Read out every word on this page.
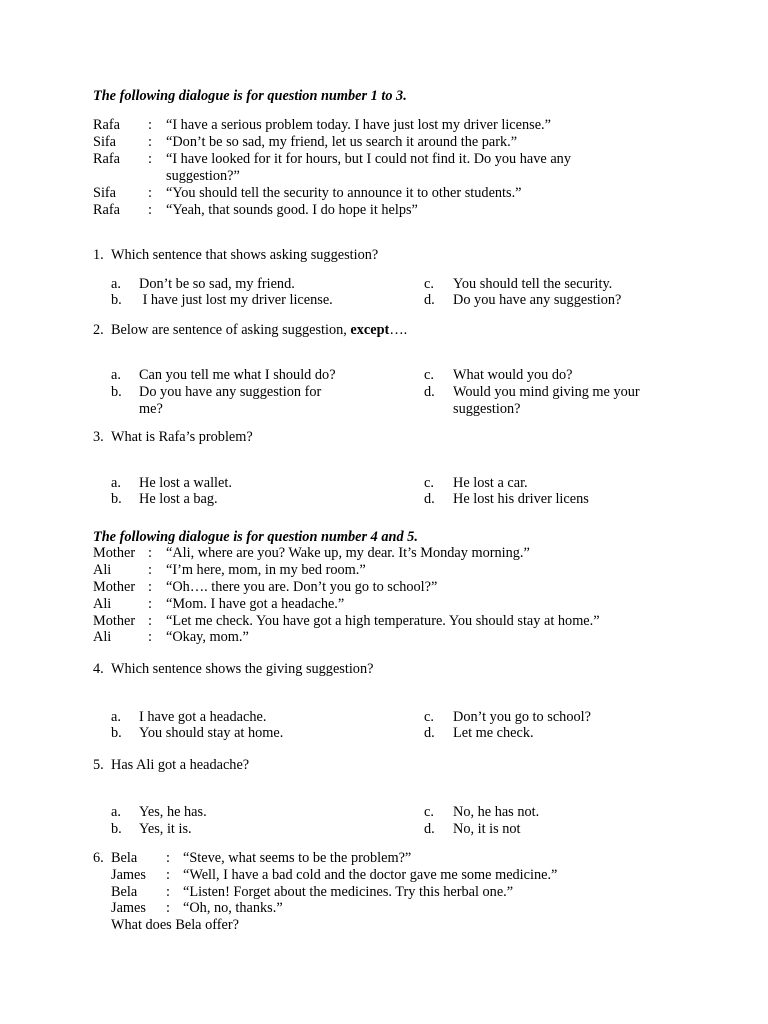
The following dialogue is for question number 1 to 3.
Rafa : “I have a serious problem today. I have just lost my driver license.”
Sifa : “Don’t be so sad, my friend, let us search it around the park.”
Rafa : “I have looked for it for hours, but I could not find it. Do you have any
suggestion?”
Sifa : “You should tell the security to announce it to other students.”
Rafa : “Yeah, that sounds good. I do hope it helps”
1. Which sentence that shows asking suggestion?
a. Don’t be so sad, my friend.
b. I have just lost my driver license.
c. You should tell the security.
d. Do you have any suggestion?
2. Below are sentence of asking suggestion, except….
a. Can you tell me what I should do?
b. Do you have any suggestion for
me?
c. What would you do?
d. Would you mind giving me your
suggestion?
3. What is Rafa’s problem?
a. He lost a wallet.
b. He lost a bag.
c. He lost a car.
d. He lost his driver licens
The following dialogue is for question number 4 and 5.
Mother : “Ali, where are you? Wake up, my dear. It’s Monday morning.”
Ali	: “I’m here, mom, in my bed room.”
Mother : “Oh…. there you are. Don’t you go to school?”
Ali	: “Mom. I have got a headache.”
Mother : “Let me check. You have got a high temperature. You should stay at home.”
Ali	: “Okay, mom.”
4. Which sentence shows the giving suggestion?
a. I have got a headache.
b. You should stay at home.
c. Don’t you go to school?
d. Let me check.
5. Has Ali got a headache?
a. Yes, he has.
b. Yes, it is.
c. No, he has not.
d. No, it is not
6. Bela : “Steve, what seems to be the problem?”
James : “Well, I have a bad cold and the doctor gave me some medicine.”
Bela : “Listen! Forget about the medicines. Try this herbal one.”
James : “Oh, no, thanks.”
What does Bela offer?
